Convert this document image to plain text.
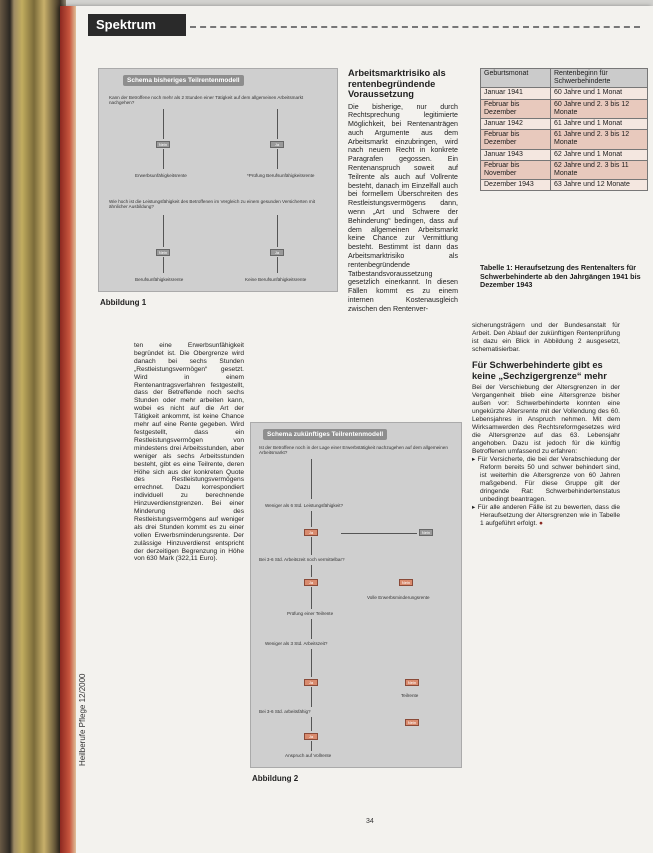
Heilberufe Pflege 12/2000
Spektrum
Schema bisheriges Teilrentenmodell
Kann der Betroffene noch mehr als 2 Stunden einer Tätigkeit auf dem allgemeinen Arbeitsmarkt nachgehen?
Nein	Ja
Erwerbsunfähigkeitsrente	*Prüfung Berufsunfähigkeitsrente
Wie hoch ist die Leistungsfähigkeit des Betroffenen im Vergleich zu einem gesunden Versicherten mit ähnlicher Ausbildung?
Nein	Ja
Berufsunfähigkeitsrente	Keine Berufsunfähigkeitsrente
Abbildung 1
Arbeitsmarktrisiko als rentenbegründende Voraussetzung

Die bisherige, nur durch Rechtsprechung legitimierte Möglichkeit, bei Rentenanträgen auch Argumente aus dem Arbeitsmarkt einzubringen, wird nach neuem Recht in konkrete Paragrafen gegossen. Ein Rentenanspruch soweit auf Teilrente als auch auf Vollrente besteht, danach im Einzelfall auch bei formellem Überschreiten des Restleistungsvermögens dann, wenn „Art und Schwere der Behinderung“ bedingen, dass auf dem allgemeinen Arbeitsmarkt keine Chance zur Vermittlung besteht. Bestimmt ist dann das Arbeitsmarktrisiko als rentenbegründende Tatbestandsvoraussetzung gesetzlich einerkannt. In diesen Fällen kommt es zu einem internen Kostenausgleich zwischen den Rentenver-

Geburtsmonat	Rentenbeginn für Schwerbehinderte
Januar 1941	60 Jahre und 1 Monat
Februar bis Dezember	60 Jahre und 2. 3 bis 12 Monate
Januar 1942	61 Jahre und 1 Monat
Februar bis Dezember	61 Jahre und 2. 3 bis 12 Monate
Januar 1943	62 Jahre und 1 Monat
Februar bis November	62 Jahre und 2. 3 bis 11 Monate
Dezember 1943	63 Jahre und 12 Monate
Tabelle 1: Heraufsetzung des Rentenalters für Schwerbehinderte ab den Jahrgängen 1941 bis Dezember 1943

ten eine Erwerbsunfähigkeit begründet ist. Die Obergrenze wird danach bei sechs Stunden „Restleistungsvermögen“ gesetzt. Wird in einem Rentenantragsverfahren festgestellt, dass der Betreffende noch sechs Stunden oder mehr arbeiten kann, wobei es nicht auf die Art der Tätigkeit ankommt, ist keine Chance mehr auf eine Rente gegeben. Wird festgestellt, dass ein Restleistungsvermögen von mindestens drei Arbeitsstunden, aber weniger als sechs Arbeitsstunden besteht, gibt es eine Teilrente, deren Höhe sich aus der konkreten Quote des Restleistungsvermögens errechnet. Dazu korrespondiert individuell zu berechnende Hinzuverdienstgrenzen. Bei einer Minderung des Restleistungsvermögens auf weniger als drei Stunden kommt es zu einer vollen Erwerbsminderungsrente. Der zulässige Hinzuverdienst entspricht der derzeitigen Begrenzung in Höhe von 630 Mark (322,11 Euro).

sicherungsträgern und der Bundesanstalt für Arbeit. Den Ablauf der zukünftigen Rentenprüfung ist dazu ein Blick in Abbildung 2 ausgesetzt, schematisierbar.

Für Schwerbehinderte gibt es keine „Sechzigergrenze“ mehr

Bei der Verschiebung der Altersgrenzen in der Vergangenheit blieb eine Altersgrenze bisher außen vor: Schwerbehinderte konnten eine ungekürzte Altersrente mit der Vollendung des 60. Lebensjahres in Anspruch nehmen. Mit dem Wirksamwerden des Rechtsreformgesetzes wird die Altersgrenze auf das 63. Lebensjahr angehoben. Dazu ist jedoch für die künftig Betroffenen umfassend zu erfahren:

▸ Für Versicherte, die bei der Verabschiedung der Reform bereits 50 und schwer behindert sind, ist weiterhin die Altersgrenze von 60 Jahren maßgebend. Für diese Gruppe gilt der dringende Rat: Schwerbehindertenstatus unbedingt beantragen.

▸ Für alle anderen Fälle ist zu bewerten, dass die Heraufsetzung der Altersgrenzen wie in Tabelle 1 aufgeführt erfolgt. ●

Schema zukünftiges Teilrentenmodell
Ist der Betroffene noch in der Lage einer Erwerbstätigkeit nachzugehen auf dem allgemeinen Arbeitsmarkt?
Weniger als 6 Std. Leistungsfähigkeit?
Ja	Nein
Bei 3-6 Std. Arbeitszeit noch vermittelbar?
Ja	Nein
Volle Erwerbsminderungsrente
Prüfung einer Teilrente
Weniger als 3 Std. Arbeitszeit?
Ja	Nein
Teilrente
Bei 3-6 Std. arbeitsfähig?
Ja
Nein
Anspruch auf Vollrente
Abbildung 2
34
